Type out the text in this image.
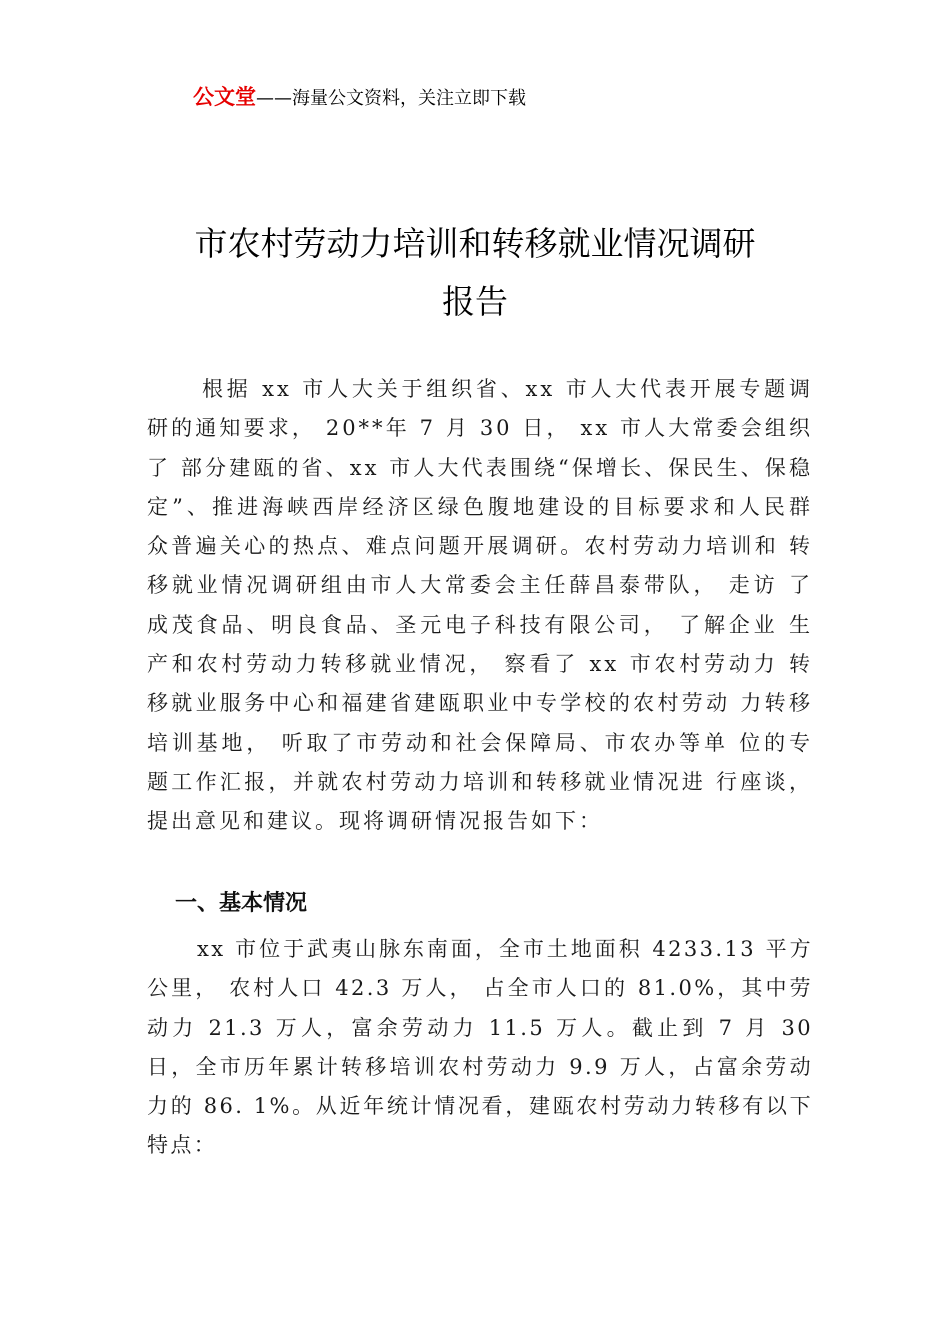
公文堂——海量公文资料，关注立即下载
市农村劳动力培训和转移就业情况调研
报告

根据 xx 市人大关于组织省、xx 市人大代表开展专题调研的通知要求， 20**年 7 月 30 日， xx 市人大常委会组织了 部分建瓯的省、xx 市人大代表围绕“保增长、保民生、保稳 定”、推进海峡西岸经济区绿色腹地建设的目标要求和人民群 众普遍关心的热点、难点问题开展调研。农村劳动力培训和 转移就业情况调研组由市人大常委会主任薛昌泰带队， 走访 了成茂食品、明良食品、圣元电子科技有限公司， 了解企业 生产和农村劳动力转移就业情况， 察看了 xx 市农村劳动力 转移就业服务中心和福建省建瓯职业中专学校的农村劳动 力转移培训基地， 听取了市劳动和社会保障局、市农办等单 位的专题工作汇报，并就农村劳动力培训和转移就业情况进 行座谈， 提出意见和建议。现将调研情况报告如下：

一、基本情况

xx 市位于武夷山脉东南面，全市土地面积 4233.13 平方公里， 农村人口 42.3 万人， 占全市人口的 81.0%，其中劳动力 21.3 万人，富余劳动力 11.5 万人。截止到 7 月 30 日，全市历年累计转移培训农村劳动力 9.9 万人，占富余劳动力的 86. 1%。从近年统计情况看，建瓯农村劳动力转移有以下特点：
